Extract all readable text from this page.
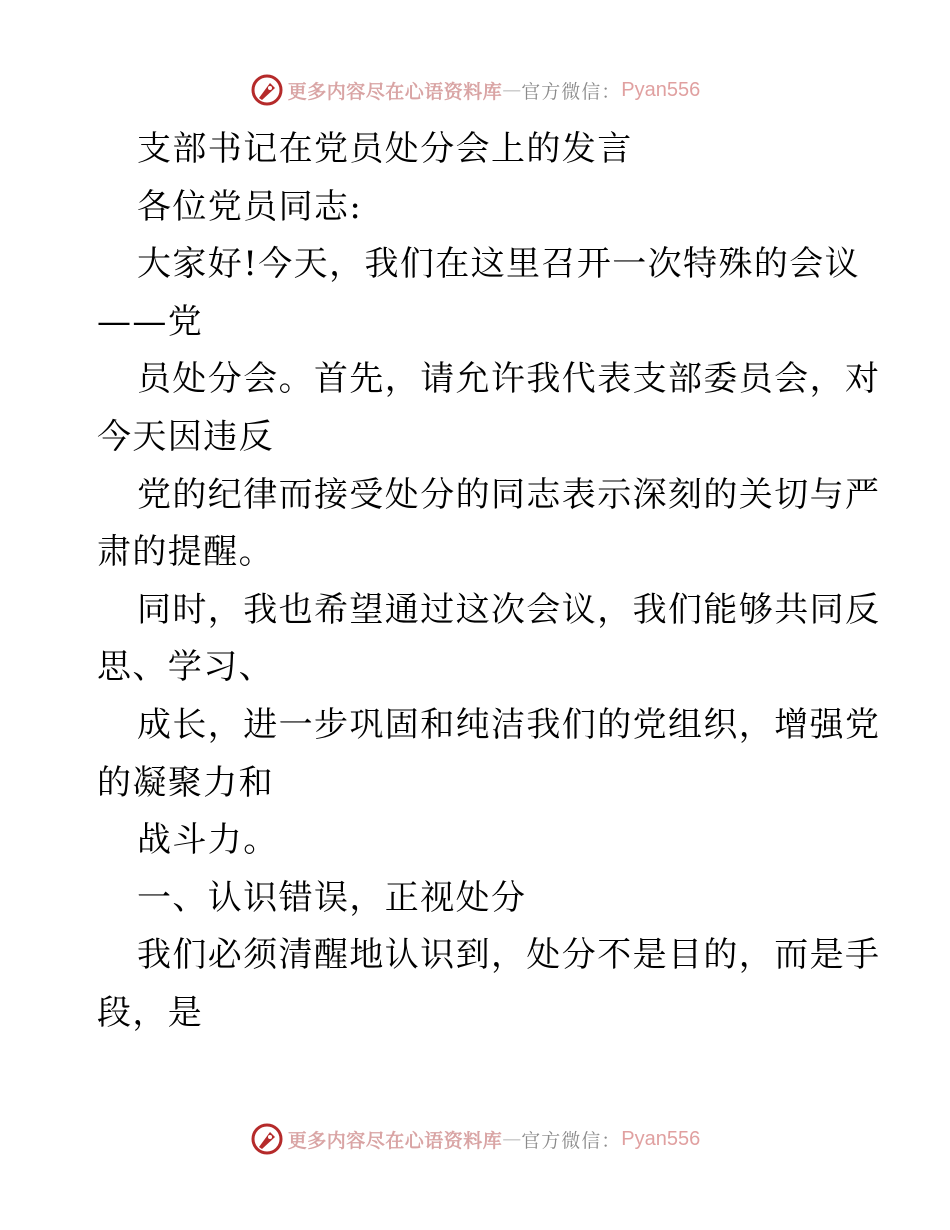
更多内容尽在心语资料库 — 官方微信： Pyan556
支部书记在党员处分会上的发言
各位党员同志:
大家好!今天，我们在这里召开一次特殊的会议
——党
员处分会。首先，请允许我代表支部委员会，对
今天因违反
党的纪律而接受处分的同志表示深刻的关切与严
肃的提醒。
同时，我也希望通过这次会议，我们能够共同反
思、学习、
成长，进一步巩固和纯洁我们的党组织，增强党
的凝聚力和
战斗力。
一、认识错误，正视处分
我们必须清醒地认识到，处分不是目的，而是手
段，是
更多内容尽在心语资料库 — 官方微信： Pyan556
